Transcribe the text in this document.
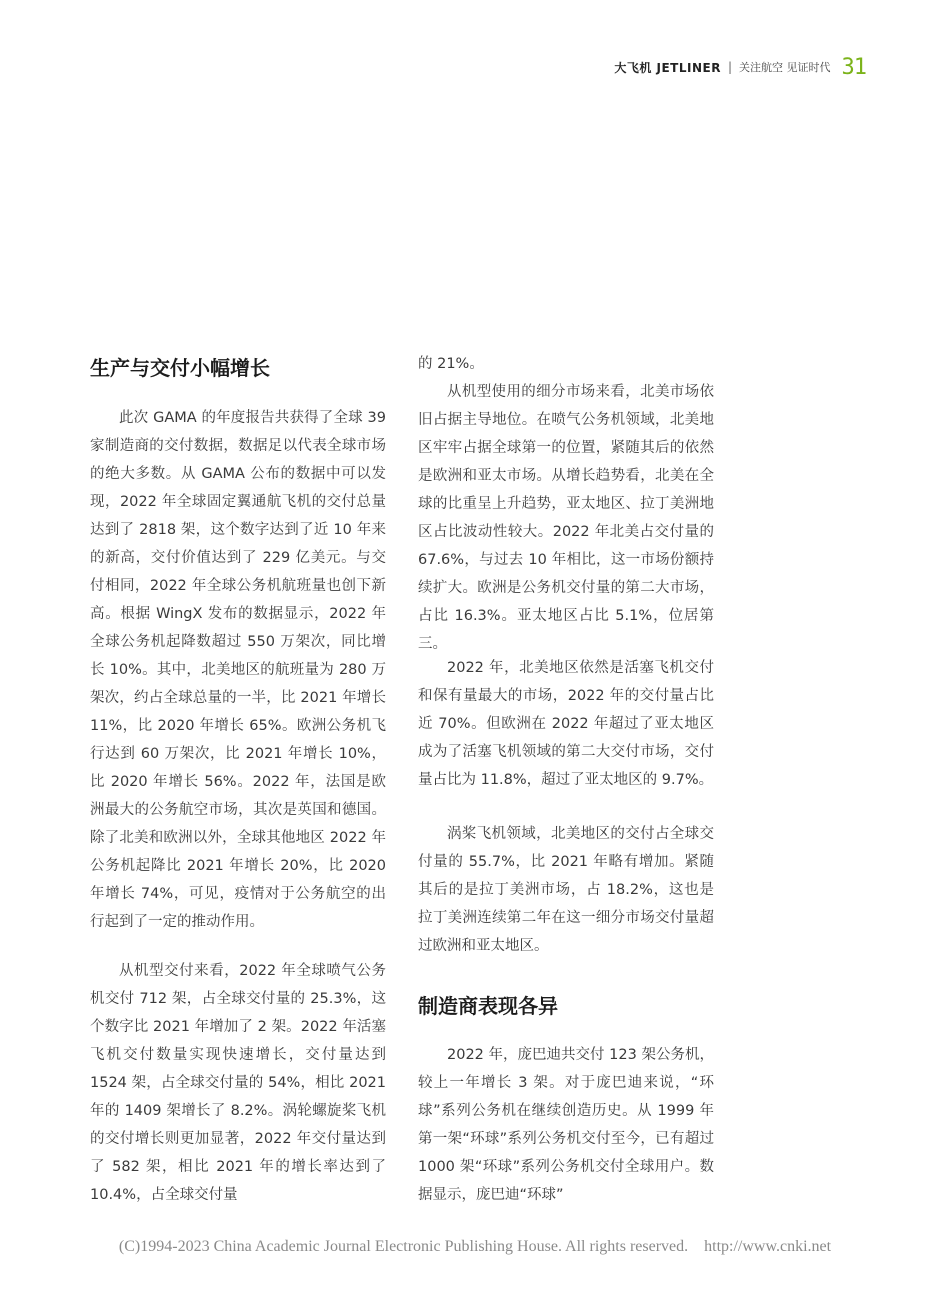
大飞机 JETLINER | 关注航空 见证时代 31
生产与交付小幅增长

此次 GAMA 的年度报告共获得了全球 39 家制造商的交付数据，数据足以代表全球市场的绝大多数。从 GAMA 公布的数据中可以发现，2022 年全球固定翼通航飞机的交付总量达到了 2818 架，这个数字达到了近 10 年来的新高，交付价值达到了 229 亿美元。与交付相同，2022 年全球公务机航班量也创下新高。根据 WingX 发布的数据显示，2022 年全球公务机起降数超过 550 万架次，同比增长 10%。其中，北美地区的航班量为 280 万架次，约占全球总量的一半，比 2021 年增长 11%，比 2020 年增长 65%。欧洲公务机飞行达到 60 万架次，比 2021 年增长 10%，比 2020 年增长 56%。2022 年，法国是欧洲最大的公务航空市场，其次是英国和德国。除了北美和欧洲以外，全球其他地区 2022 年公务机起降比 2021 年增长 20%，比 2020 年增长 74%，可见，疫情对于公务航空的出行起到了一定的推动作用。

从机型交付来看，2022 年全球喷气公务机交付 712 架，占全球交付量的 25.3%，这个数字比 2021 年增加了 2 架。2022 年活塞飞机交付数量实现快速增长，交付量达到 1524 架，占全球交付量的 54%，相比 2021 年的 1409 架增长了 8.2%。涡轮螺旋桨飞机的交付增长则更加显著，2022 年交付量达到了 582 架，相比 2021 年的增长率达到了 10.4%，占全球交付量

的 21%。

从机型使用的细分市场来看，北美市场依旧占据主导地位。在喷气公务机领域，北美地区牢牢占据全球第一的位置，紧随其后的依然是欧洲和亚太市场。从增长趋势看，北美在全球的比重呈上升趋势，亚太地区、拉丁美洲地区占比波动性较大。2022 年北美占交付量的 67.6%，与过去 10 年相比，这一市场份额持续扩大。欧洲是公务机交付量的第二大市场，占比 16.3%。亚太地区占比 5.1%，位居第三。

2022 年，北美地区依然是活塞飞机交付和保有量最大的市场，2022 年的交付量占比近 70%。但欧洲在 2022 年超过了亚太地区成为了活塞飞机领域的第二大交付市场，交付量占比为 11.8%，超过了亚太地区的 9.7%。

涡桨飞机领域，北美地区的交付占全球交付量的 55.7%，比 2021 年略有增加。紧随其后的是拉丁美洲市场，占 18.2%，这也是拉丁美洲连续第二年在这一细分市场交付量超过欧洲和亚太地区。

制造商表现各异

2022 年，庞巴迪共交付 123 架公务机，较上一年增长 3 架。对于庞巴迪来说，“环球”系列公务机在继续创造历史。从 1999 年第一架“环球”系列公务机交付至今，已有超过 1000 架“环球”系列公务机交付全球用户。数据显示，庞巴迪“环球”

(C)1994-2023 China Academic Journal Electronic Publishing House. All rights reserved. http://www.cnki.net
